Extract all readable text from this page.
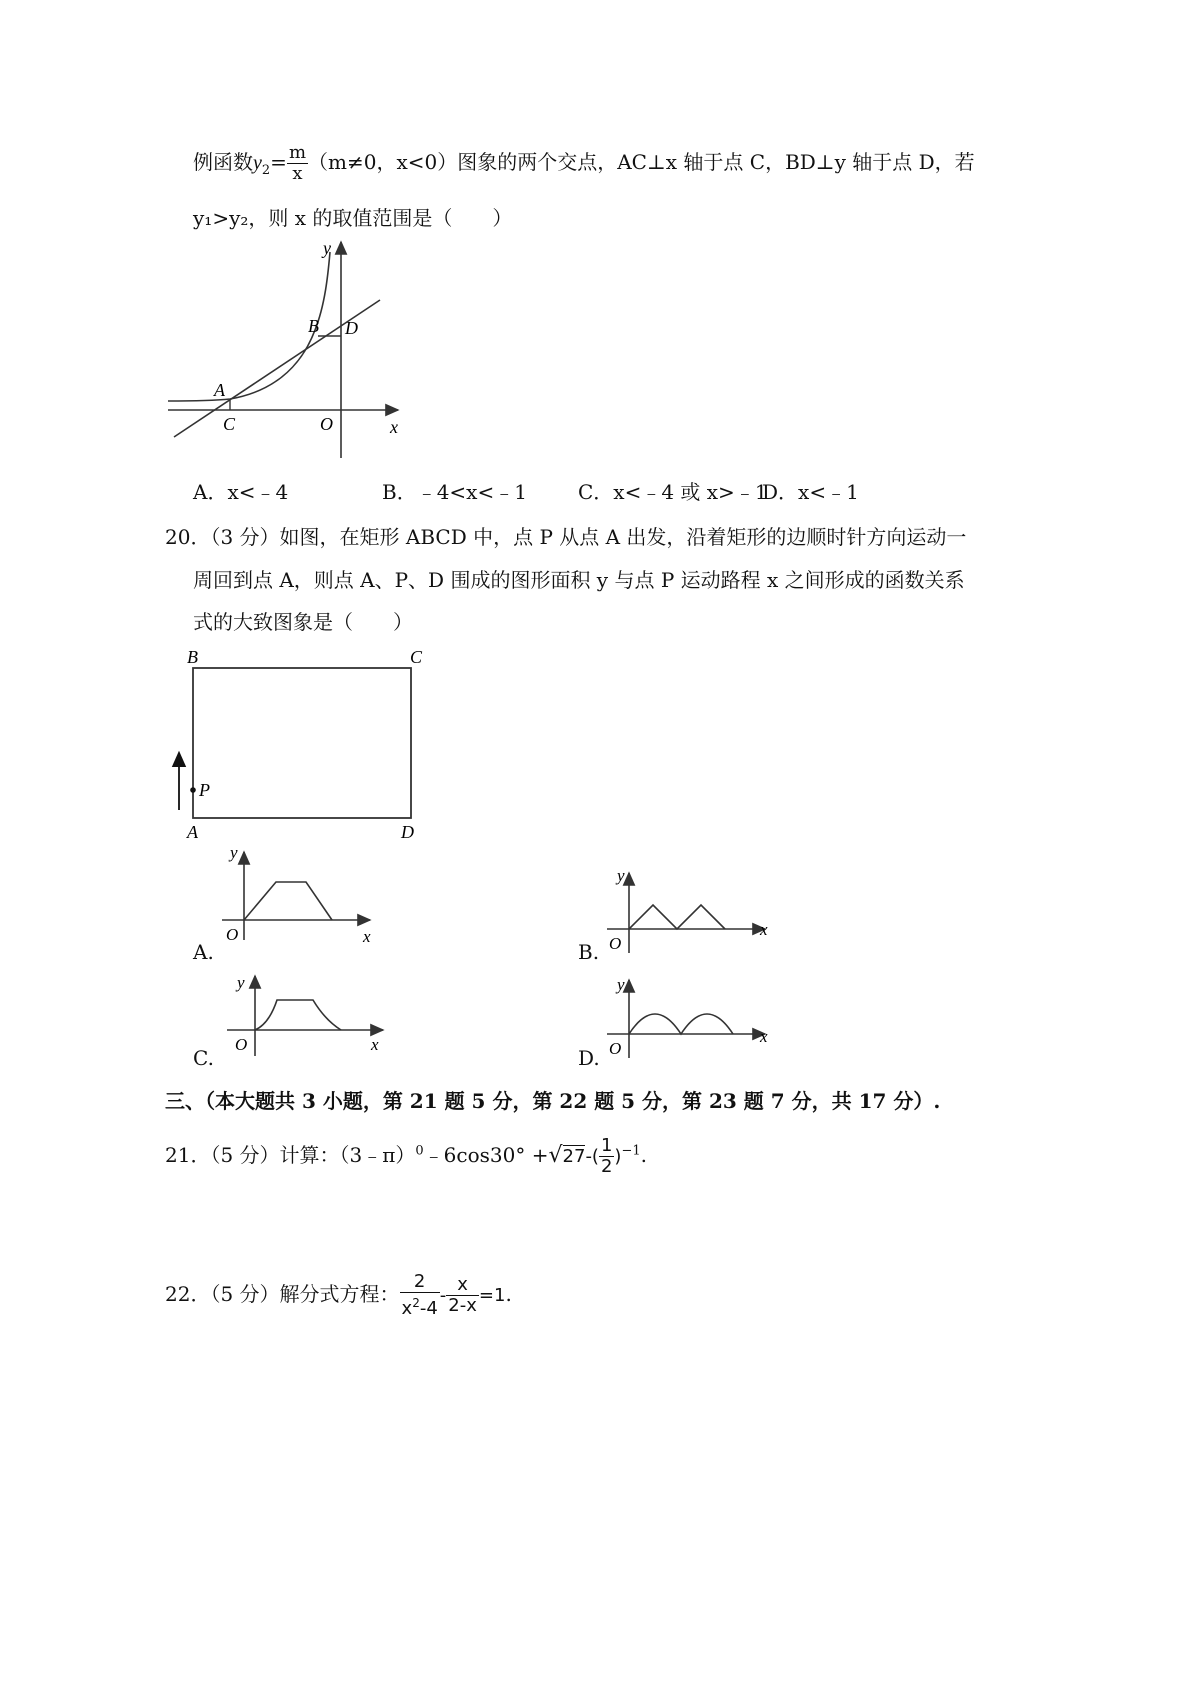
例函数$y_2= \frac{m}{x} (m\ne 0$，x<0）图象的两个交点，AC⊥x 轴于点 C，BD⊥y 轴于点 D，若
y₁>y₂，则 x 的取值范围是（　　）
y
x
O
A
B
C
D
A．x<﹣4	B．﹣4<x<﹣1	C．x<﹣4 或 x>﹣1
D．x<﹣1
20．（3 分）如图，在矩形 ABCD 中，点 P 从点 A 出发，沿着矩形的边顺时针方向运动一
周回到点 A，则点 A、P、D 围成的图形面积 y 与点 P 运动路程 x 之间形成的函数关系
式的大致图象是（　　）
B	C
A	D
P
y
x
O
A.
y
x
O
B.
y
x
O
C.
y
x
O
D.
三、（本大题共 3 小题，第 21 题 5 分，第 22 题 5 分，第 23 题 7 分，共 17 分）.
21．（5 分）计算：（3﹣π）$^0$﹣6cos30° $+√27-( \frac{1}{2} )^{-1}$.
22．（5 分）解分式方程： $\frac{2}{x^2-4} - \frac{x}{2-x} =1$.
